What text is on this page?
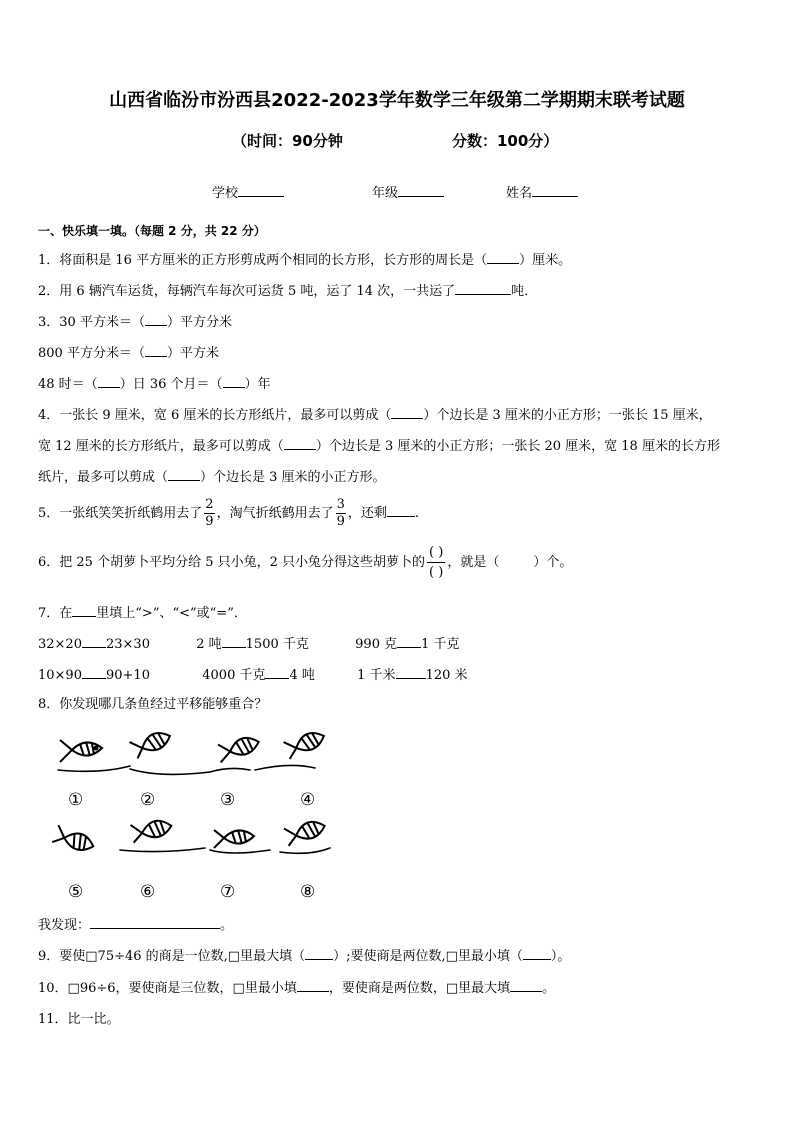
山西省临汾市汾西县2022-2023学年数学三年级第二学期期末联考试题
（时间：90分钟	分数：100分）
学校	年级	姓名
一、快乐填一填。（每题 2 分，共 22 分）
1．将面积是 16 平方厘米的正方形剪成两个相同的长方形，长方形的周长是（ ）厘米。
2．用 6 辆汽车运货，每辆汽车每次可运货 5 吨，运了 14 次，一共运了	吨．
3．30 平方米＝（ ）平方分米
800 平方分米＝（ ）平方米
48 时＝（ ）日 36 个月＝（ ）年
4．一张长 9 厘米，宽 6 厘米的长方形纸片，最多可以剪成（ ）个边长是 3 厘米的小正方形；一张长 15 厘米，
宽 12 厘米的长方形纸片，最多可以剪成（ ）个边长是 3 厘米的小正方形；一张长 20 厘米，宽 18 厘米的长方形
纸片，最多可以剪成（ ）个边长是 3 厘米的小正方形。
5．一张纸笑笑折纸鹤用去了 $\frac{2}{9}$ ，淘气折纸鹤用去了 $\frac{3}{9}$ ，还剩 .
6．把 25 个胡萝卜平均分给 5 只小兔，2 只小兔分得这些胡萝卜的 $\frac{( )}{( )}$ ，就是（	）个。
7．在 里填上“>”、“<”或“=”．
32×20 23×30	2 吨 1500 千克	990 克 1 千克
10×90 90+10	4000 千克 4 吨	1 千米 120 米
8．你发现哪几条鱼经过平移能够重合？
①	②	③	④
⑤	⑥	⑦	⑧
我发现：	。
9．要使□75÷46 的商是一位数,□里最大填（ ）;要使商是两位数,□里最小填（ ）。
10．□96÷6，要使商是三位数，□里最小填 ，要使商是两位数，□里最大填 。
11．比一比。
